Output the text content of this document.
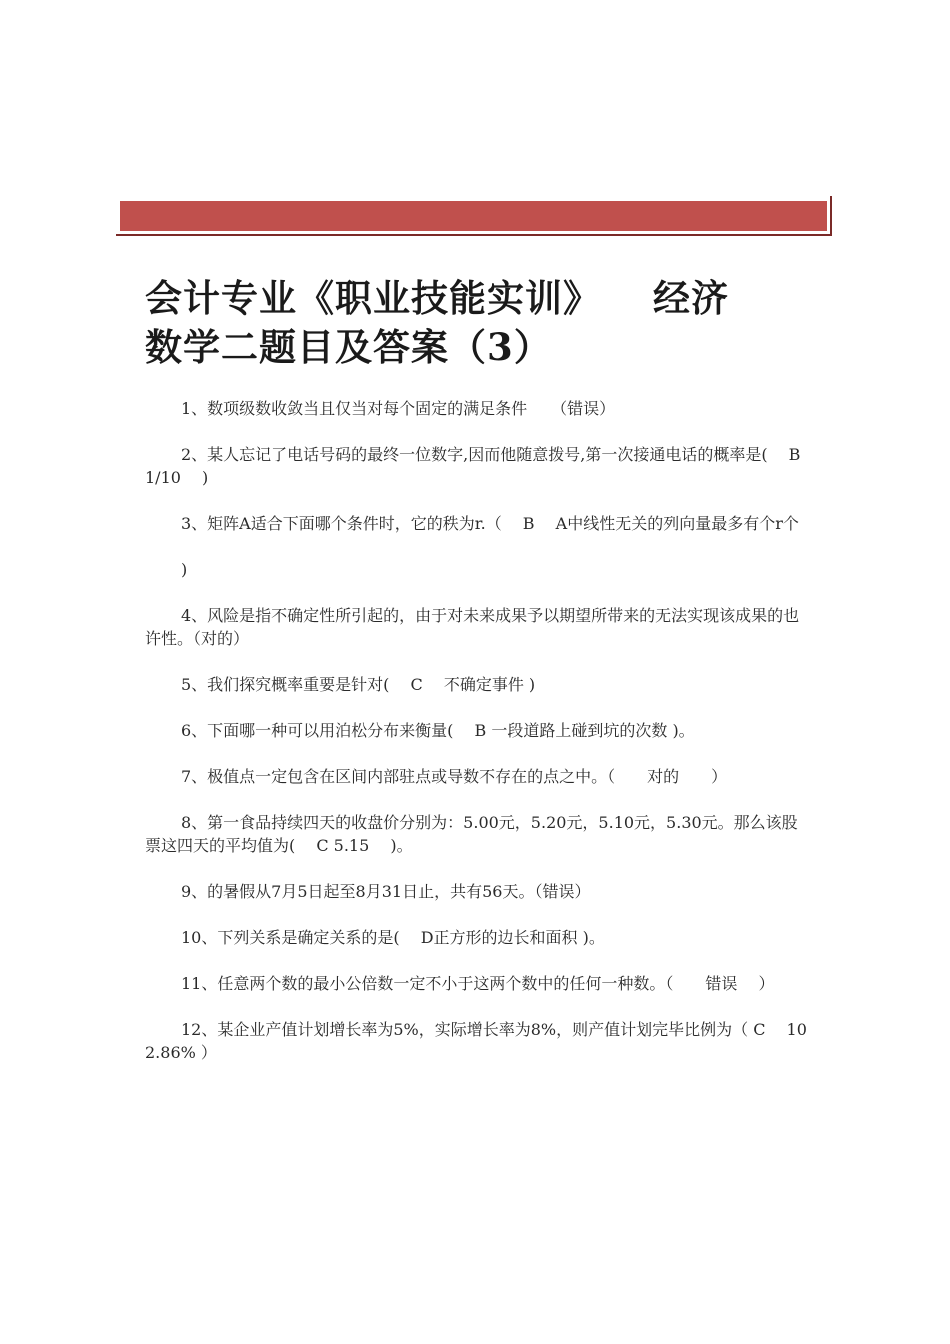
会计专业《职业技能实训》 经济
数学二题目及答案（3）

1、数项级数收敛当且仅当对每个固定的满足条件　　（错误）

2、某人忘记了电话号码的最终一位数字,因而他随意拨号,第一次接通电话的概率是(　 B　 1/10　 )

3、矩阵A适合下面哪个条件时，它的秩为r.（　 B　 A中线性无关的列向量最多有个r个

)

4、风险是指不确定性所引起的，由于对未来成果予以期望所带来的无法实现该成果的也许性。（对的）

5、我们探究概率重要是针对(　 C　 不确定事件 )

6、下面哪一种可以用泊松分布来衡量(　 B 一段道路上碰到坑的次数 )。

7、极值点一定包含在区间内部驻点或导数不存在的点之中。（　　对的　　）

8、第一食品持续四天的收盘价分别为：5.00元，5.20元，5.10元，5.30元。那么该股票这四天的平均值为(　 C 5.15　 )。

9、的暑假从7月5日起至8月31日止，共有56天。（错误）

10、下列关系是确定关系的是(　 D正方形的边长和面积 )。

11、任意两个数的最小公倍数一定不小于这两个数中的任何一种数。（　　错误　 ）

12、某企业产值计划增长率为5%，实际增长率为8%，则产值计划完毕比例为（ C　 102.86% ）
